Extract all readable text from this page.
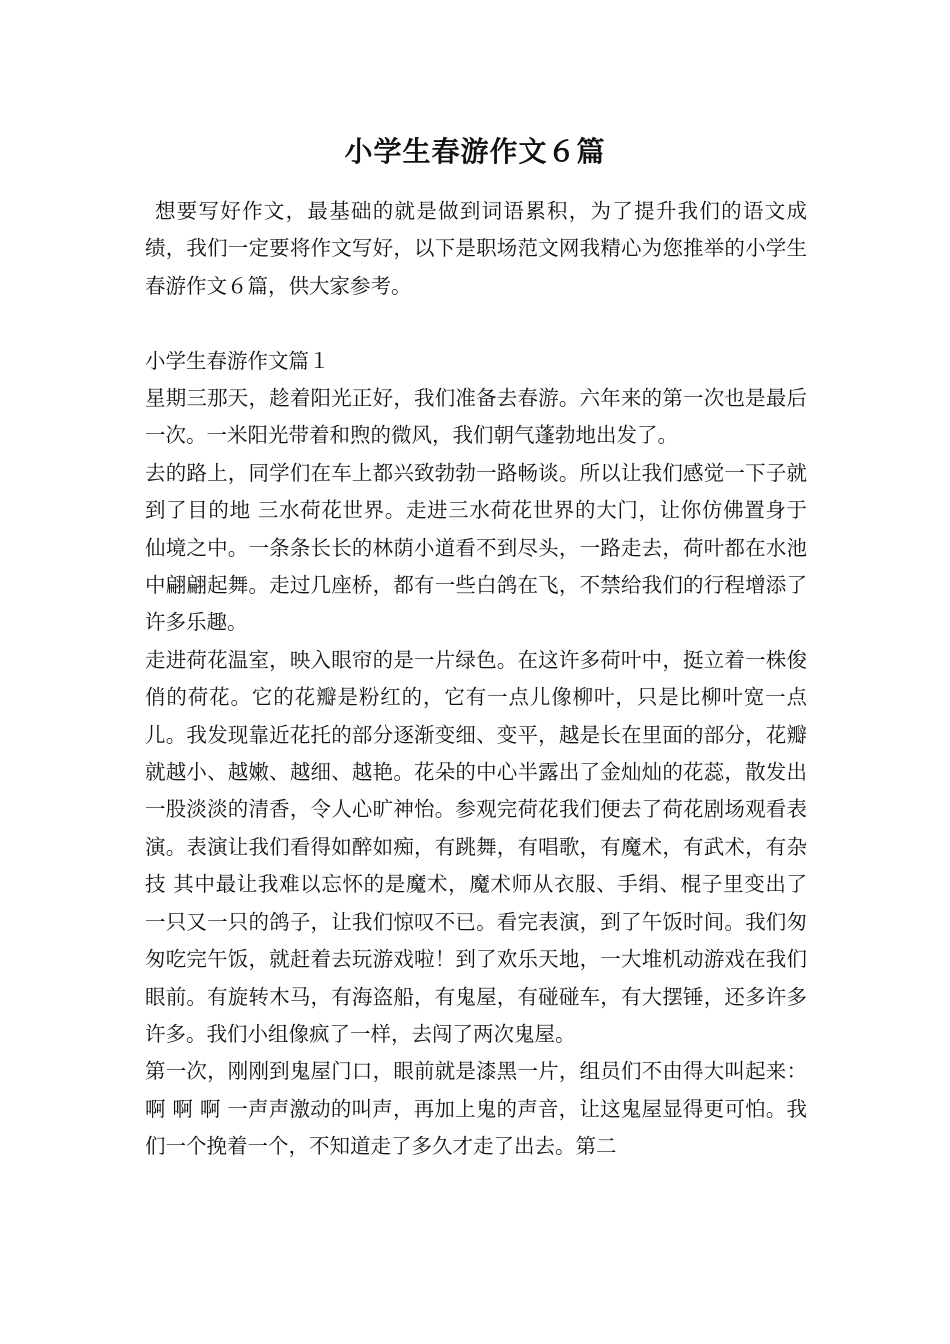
小学生春游作文６篇

想要写好作文，最基础的就是做到词语累积，为了提升我们的语文成绩，我们一定要将作文写好，以下是职场范文网我精心为您推举的小学生春游作文６篇，供大家参考。

小学生春游作文篇１

星期三那天，趁着阳光正好，我们准备去春游。六年来的第一次也是最后一次。一米阳光带着和煦的微风，我们朝气蓬勃地出发了。

去的路上，同学们在车上都兴致勃勃一路畅谈。所以让我们感觉一下子就到了目的地 三水荷花世界。走进三水荷花世界的大门，让你仿佛置身于仙境之中。一条条长长的林荫小道看不到尽头，一路走去，荷叶都在水池中翩翩起舞。走过几座桥，都有一些白鸽在飞，不禁给我们的行程增添了许多乐趣。

走进荷花温室，映入眼帘的是一片绿色。在这许多荷叶中，挺立着一株俊俏的荷花。它的花瓣是粉红的，它有一点儿像柳叶，只是比柳叶宽一点儿。我发现靠近花托的部分逐渐变细、变平，越是长在里面的部分，花瓣就越小、越嫩、越细、越艳。花朵的中心半露出了金灿灿的花蕊，散发出一股淡淡的清香，令人心旷神怡。参观完荷花我们便去了荷花剧场观看表演。表演让我们看得如醉如痴，有跳舞，有唱歌，有魔术，有武术，有杂技 其中最让我难以忘怀的是魔术，魔术师从衣服、手绢、棍子里变出了一只又一只的鸽子，让我们惊叹不已。看完表演，到了午饭时间。我们匆匆吃完午饭，就赶着去玩游戏啦！到了欢乐天地，一大堆机动游戏在我们眼前。有旋转木马，有海盗船，有鬼屋，有碰碰车，有大摆锤，还多许多许多。我们小组像疯了一样，去闯了两次鬼屋。

第一次，刚刚到鬼屋门口，眼前就是漆黑一片，组员们不由得大叫起来：啊 啊 啊 一声声激动的叫声，再加上鬼的声音，让这鬼屋显得更可怕。我们一个挽着一个，不知道走了多久才走了出去。第二
